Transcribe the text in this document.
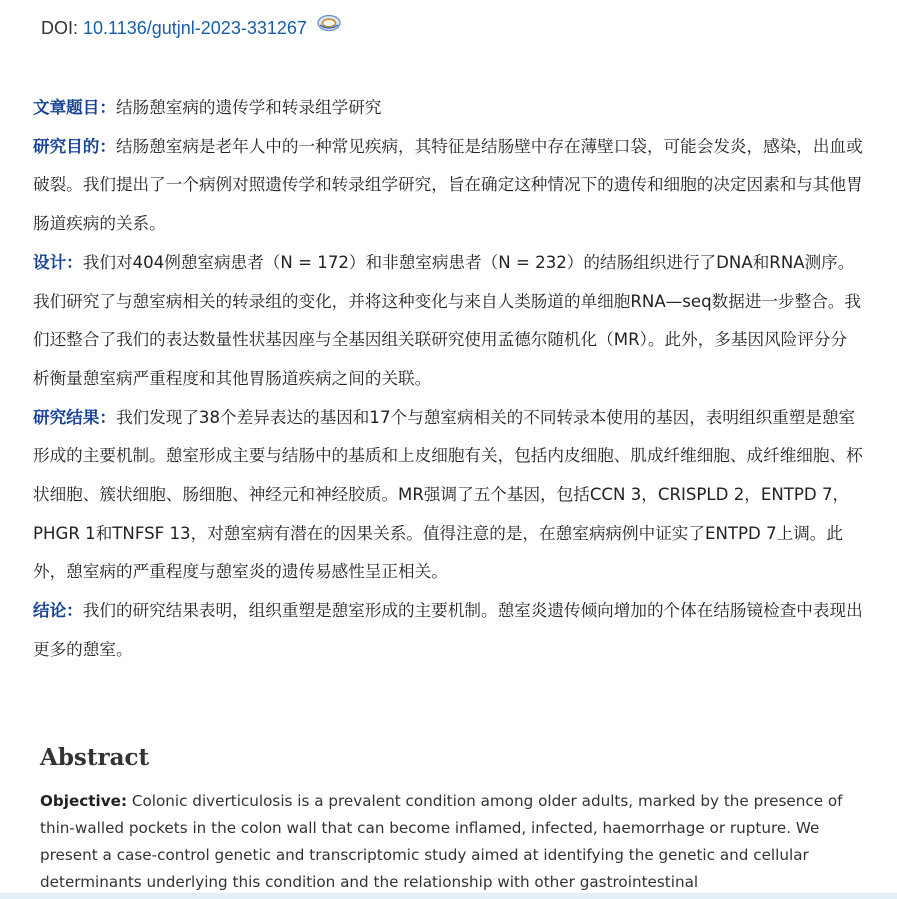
DOI: 10.1136/gutjnl-2023-331267

文章题目：结肠憩室病的遗传学和转录组学研究

研究目的：结肠憩室病是老年人中的一种常见疾病，其特征是结肠壁中存在薄壁口袋，可能会发炎，感染，出血或破裂。我们提出了一个病例对照遗传学和转录组学研究，旨在确定这种情况下的遗传和细胞的决定因素和与其他胃肠道疾病的关系。

设计：我们对404例憩室病患者（N = 172）和非憩室病患者（N = 232）的结肠组织进行了DNA和RNA测序。我们研究了与憩室病相关的转录组的变化，并将这种变化与来自人类肠道的单细胞RNA—seq数据进一步整合。我们还整合了我们的表达数量性状基因座与全基因组关联研究使用孟德尔随机化（MR）。此外，多基因风险评分分析衡量憩室病严重程度和其他胃肠道疾病之间的关联。

研究结果：我们发现了38个差异表达的基因和17个与憩室病相关的不同转录本使用的基因，表明组织重塑是憩室形成的主要机制。憩室形成主要与结肠中的基质和上皮细胞有关，包括内皮细胞、肌成纤维细胞、成纤维细胞、杯状细胞、簇状细胞、肠细胞、神经元和神经胶质。MR强调了五个基因，包括CCN 3，CRISPLD 2，ENTPD 7，PHGR 1和TNFSF 13，对憩室病有潜在的因果关系。值得注意的是，在憩室病病例中证实了ENTPD 7上调。此外，憩室病的严重程度与憩室炎的遗传易感性呈正相关。

结论：我们的研究结果表明，组织重塑是憩室形成的主要机制。憩室炎遗传倾向增加的个体在结肠镜检查中表现出更多的憩室。

Abstract
Objective: Colonic diverticulosis is a prevalent condition among older adults, marked by the presence of thin-walled pockets in the colon wall that can become inflamed, infected, haemorrhage or rupture. We present a case-control genetic and transcriptomic study aimed at identifying the genetic and cellular determinants underlying this condition and the relationship with other gastrointestinal
